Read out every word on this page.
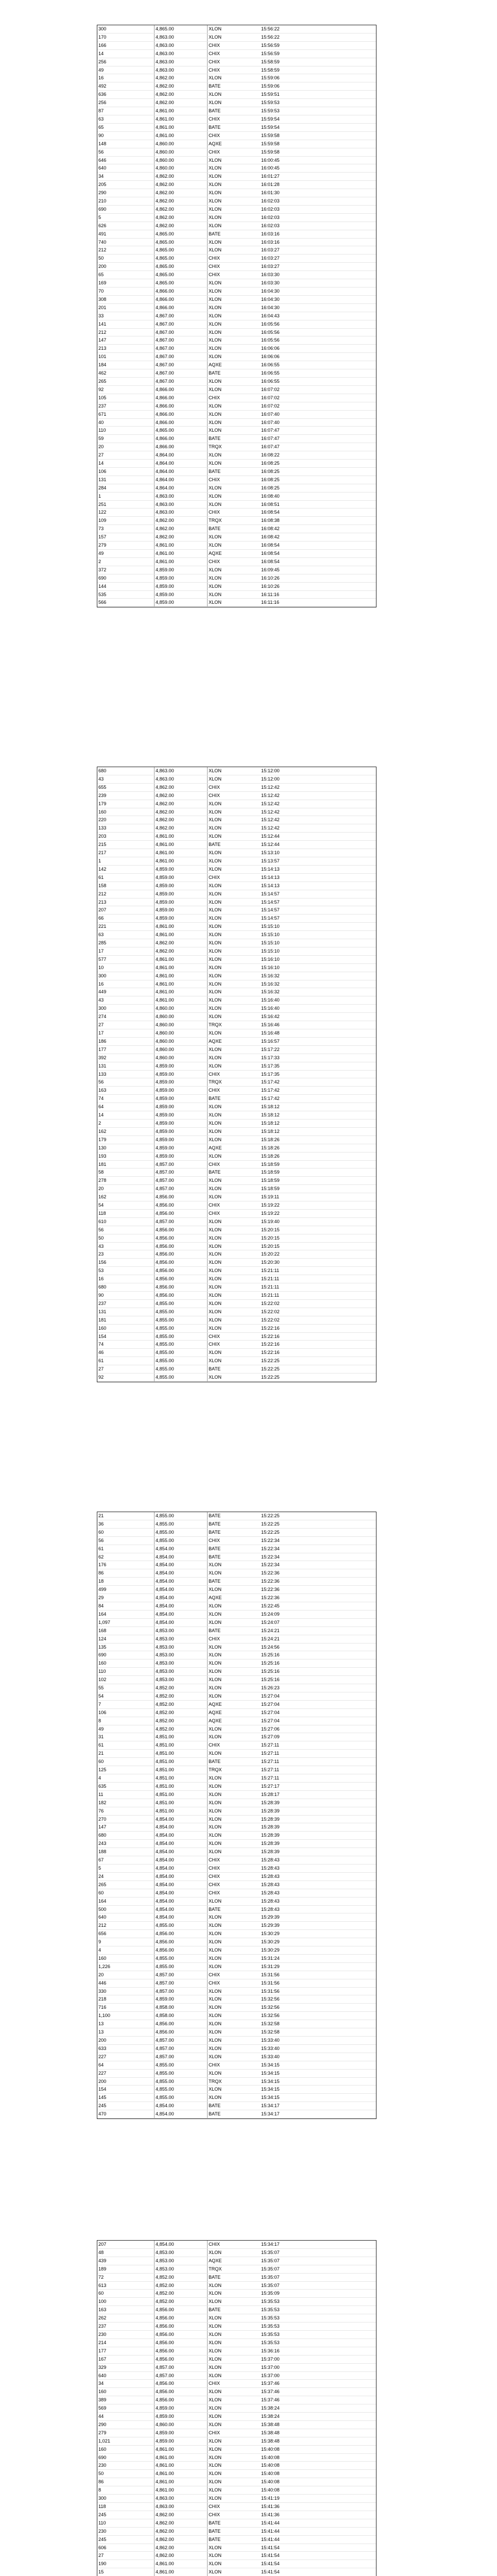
300	4,865.00	XLON	15:56:22
170	4,863.00	XLON	15:56:22
166	4,863.00	CHIX	15:56:59
14	4,863.00	CHIX	15:56:59
256	4,863.00	CHIX	15:58:59
49	4,863.00	CHIX	15:58:59
16	4,862.00	XLON	15:59:06
492	4,862.00	BATE	15:59:06
636	4,862.00	XLON	15:59:51
256	4,862.00	XLON	15:59:53
87	4,861.00	BATE	15:59:53
63	4,861.00	CHIX	15:59:54
65	4,861.00	BATE	15:59:54
90	4,861.00	CHIX	15:59:58
148	4,860.00	AQXE	15:59:58
56	4,860.00	CHIX	15:59:58
646	4,860.00	XLON	16:00:45
640	4,860.00	XLON	16:00:45
34	4,862.00	XLON	16:01:27
205	4,862.00	XLON	16:01:28
290	4,862.00	XLON	16:01:30
210	4,862.00	XLON	16:02:03
690	4,862.00	XLON	16:02:03
5	4,862.00	XLON	16:02:03
626	4,862.00	XLON	16:02:03
491	4,865.00	BATE	16:03:16
740	4,865.00	XLON	16:03:16
212	4,865.00	XLON	16:03:27
50	4,865.00	CHIX	16:03:27
200	4,865.00	CHIX	16:03:27
65	4,865.00	CHIX	16:03:30
169	4,865.00	XLON	16:03:30
70	4,866.00	XLON	16:04:30
308	4,866.00	XLON	16:04:30
201	4,866.00	XLON	16:04:30
33	4,867.00	XLON	16:04:43
141	4,867.00	XLON	16:05:56
212	4,867.00	XLON	16:05:56
147	4,867.00	XLON	16:05:56
213	4,867.00	XLON	16:06:06
101	4,867.00	XLON	16:06:06
184	4,867.00	AQXE	16:06:55
462	4,867.00	BATE	16:06:55
265	4,867.00	XLON	16:06:55
92	4,866.00	XLON	16:07:02
105	4,866.00	CHIX	16:07:02
237	4,866.00	XLON	16:07:02
671	4,866.00	XLON	16:07:40
40	4,866.00	XLON	16:07:40
110	4,865.00	XLON	16:07:47
59	4,866.00	BATE	16:07:47
20	4,866.00	TRQX	16:07:47
27	4,864.00	XLON	16:08:22
14	4,864.00	XLON	16:08:25
106	4,864.00	BATE	16:08:25
131	4,864.00	CHIX	16:08:25
284	4,864.00	XLON	16:08:25
1	4,863.00	XLON	16:08:40
251	4,863.00	XLON	16:08:51
122	4,863.00	CHIX	16:08:54
109	4,862.00	TRQX	16:08:38
73	4,862.00	BATE	16:08:42
157	4,862.00	XLON	16:08:42
279	4,861.00	XLON	16:08:54
49	4,861.00	AQXE	16:08:54
2	4,861.00	CHIX	16:08:54
372	4,859.00	XLON	16:09:45
690	4,859.00	XLON	16:10:26
144	4,859.00	XLON	16:10:26
535	4,859.00	XLON	16:11:16
566	4,859.00	XLON	16:11:16
680	4,863.00	XLON	15:12:00
43	4,863.00	XLON	15:12:00
655	4,862.00	CHIX	15:12:42
239	4,862.00	CHIX	15:12:42
179	4,862.00	XLON	15:12:42
160	4,862.00	XLON	15:12:42
220	4,862.00	XLON	15:12:42
133	4,862.00	XLON	15:12:42
203	4,861.00	XLON	15:12:44
215	4,861.00	BATE	15:12:44
217	4,861.00	XLON	15:13:10
1	4,861.00	XLON	15:13:57
142	4,859.00	XLON	15:14:13
61	4,859.00	CHIX	15:14:13
158	4,859.00	XLON	15:14:13
212	4,859.00	XLON	15:14:57
213	4,859.00	XLON	15:14:57
207	4,859.00	XLON	15:14:57
66	4,859.00	XLON	15:14:57
221	4,861.00	XLON	15:15:10
63	4,861.00	XLON	15:15:10
285	4,862.00	XLON	15:15:10
17	4,862.00	XLON	15:15:10
577	4,861.00	XLON	15:16:10
10	4,861.00	XLON	15:16:10
300	4,861.00	XLON	15:16:32
16	4,861.00	XLON	15:16:32
449	4,861.00	XLON	15:16:32
43	4,861.00	XLON	15:16:40
300	4,860.00	XLON	15:16:40
274	4,860.00	XLON	15:16:42
27	4,860.00	TRQX	15:16:46
17	4,860.00	XLON	15:16:48
186	4,860.00	AQXE	15:16:57
177	4,860.00	XLON	15:17:22
392	4,860.00	XLON	15:17:33
131	4,859.00	XLON	15:17:35
133	4,859.00	CHIX	15:17:35
56	4,859.00	TRQX	15:17:42
163	4,859.00	CHIX	15:17:42
74	4,859.00	BATE	15:17:42
64	4,859.00	XLON	15:18:12
14	4,859.00	XLON	15:18:12
2	4,859.00	XLON	15:18:12
162	4,859.00	XLON	15:18:12
179	4,859.00	XLON	15:18:26
130	4,859.00	AQXE	15:18:26
193	4,859.00	XLON	15:18:26
181	4,857.00	CHIX	15:18:59
58	4,857.00	BATE	15:18:59
278	4,857.00	XLON	15:18:59
20	4,857.00	XLON	15:18:59
162	4,856.00	XLON	15:19:11
54	4,856.00	CHIX	15:19:22
118	4,856.00	CHIX	15:19:22
610	4,857.00	XLON	15:19:40
56	4,856.00	XLON	15:20:15
50	4,856.00	XLON	15:20:15
43	4,856.00	XLON	15:20:15
23	4,856.00	XLON	15:20:22
156	4,856.00	XLON	15:20:30
53	4,856.00	XLON	15:21:11
16	4,856.00	XLON	15:21:11
680	4,856.00	XLON	15:21:11
90	4,856.00	XLON	15:21:11
237	4,855.00	XLON	15:22:02
131	4,855.00	XLON	15:22:02
181	4,855.00	XLON	15:22:02
160	4,855.00	XLON	15:22:16
154	4,855.00	CHIX	15:22:16
74	4,855.00	CHIX	15:22:16
46	4,855.00	XLON	15:22:16
61	4,855.00	XLON	15:22:25
27	4,855.00	BATE	15:22:25
92	4,855.00	XLON	15:22:25
21	4,855.00	BATE	15:22:25
36	4,855.00	BATE	15:22:25
60	4,855.00	BATE	15:22:25
56	4,855.00	CHIX	15:22:34
61	4,854.00	BATE	15:22:34
62	4,854.00	BATE	15:22:34
176	4,854.00	XLON	15:22:34
86	4,854.00	XLON	15:22:36
18	4,854.00	BATE	15:22:36
499	4,854.00	XLON	15:22:36
29	4,854.00	AQXE	15:22:36
84	4,854.00	XLON	15:22:45
164	4,854.00	XLON	15:24:09
1,097	4,854.00	XLON	15:24:07
168	4,853.00	BATE	15:24:21
124	4,853.00	CHIX	15:24:21
135	4,853.00	XLON	15:24:56
690	4,853.00	XLON	15:25:16
160	4,853.00	XLON	15:25:16
110	4,853.00	XLON	15:25:16
102	4,853.00	XLON	15:25:16
55	4,852.00	XLON	15:26:23
54	4,852.00	XLON	15:27:04
7	4,852.00	AQXE	15:27:04
106	4,852.00	AQXE	15:27:04
8	4,852.00	AQXE	15:27:04
49	4,852.00	XLON	15:27:06
31	4,851.00	XLON	15:27:09
61	4,851.00	CHIX	15:27:11
21	4,851.00	XLON	15:27:11
60	4,851.00	BATE	15:27:11
125	4,851.00	TRQX	15:27:11
4	4,851.00	XLON	15:27:11
635	4,851.00	XLON	15:27:17
11	4,851.00	XLON	15:28:17
182	4,851.00	XLON	15:28:39
76	4,851.00	XLON	15:28:39
270	4,854.00	XLON	15:28:39
147	4,854.00	XLON	15:28:39
680	4,854.00	XLON	15:28:39
243	4,854.00	XLON	15:28:39
188	4,854.00	XLON	15:28:39
67	4,854.00	CHIX	15:28:43
5	4,854.00	CHIX	15:28:43
24	4,854.00	CHIX	15:28:43
265	4,854.00	CHIX	15:28:43
60	4,854.00	CHIX	15:28:43
164	4,854.00	XLON	15:28:43
500	4,854.00	BATE	15:28:43
640	4,854.00	XLON	15:29:39
212	4,855.00	XLON	15:29:39
656	4,856.00	XLON	15:30:29
9	4,856.00	XLON	15:30:29
4	4,856.00	XLON	15:30:29
160	4,855.00	XLON	15:31:24
1,226	4,855.00	XLON	15:31:29
20	4,857.00	CHIX	15:31:56
446	4,857.00	CHIX	15:31:56
330	4,857.00	XLON	15:31:56
218	4,859.00	XLON	15:32:56
716	4,858.00	XLON	15:32:56
1,100	4,858.00	XLON	15:32:56
13	4,856.00	XLON	15:32:58
13	4,856.00	XLON	15:32:58
200	4,857.00	XLON	15:33:40
633	4,857.00	XLON	15:33:40
227	4,857.00	XLON	15:33:40
64	4,855.00	CHIX	15:34:15
227	4,855.00	XLON	15:34:15
200	4,855.00	TRQX	15:34:15
154	4,855.00	XLON	15:34:15
145	4,855.00	XLON	15:34:15
245	4,854.00	BATE	15:34:17
470	4,854.00	BATE	15:34:17
207	4,854.00	CHIX	15:34:17
48	4,853.00	XLON	15:35:07
439	4,853.00	AQXE	15:35:07
189	4,853.00	TRQX	15:35:07
72	4,852.00	BATE	15:35:07
613	4,852.00	XLON	15:35:07
60	4,852.00	XLON	15:35:09
100	4,852.00	XLON	15:35:53
163	4,856.00	BATE	15:35:53
262	4,856.00	XLON	15:35:53
237	4,856.00	XLON	15:35:53
230	4,856.00	XLON	15:35:53
214	4,856.00	XLON	15:35:53
177	4,856.00	XLON	15:36:16
167	4,856.00	XLON	15:37:00
329	4,857.00	XLON	15:37:00
640	4,857.00	XLON	15:37:00
34	4,856.00	CHIX	15:37:46
160	4,856.00	XLON	15:37:46
389	4,856.00	XLON	15:37:46
569	4,859.00	XLON	15:38:24
44	4,859.00	XLON	15:38:24
290	4,860.00	XLON	15:38:48
279	4,859.00	CHIX	15:38:48
1,021	4,859.00	XLON	15:38:48
160	4,861.00	XLON	15:40:08
690	4,861.00	XLON	15:40:08
230	4,861.00	XLON	15:40:08
50	4,861.00	XLON	15:40:08
86	4,861.00	XLON	15:40:08
8	4,861.00	XLON	15:40:08
300	4,863.00	XLON	15:41:19
118	4,863.00	CHIX	15:41:36
245	4,862.00	CHIX	15:41:36
110	4,862.00	BATE	15:41:44
230	4,862.00	BATE	15:41:44
245	4,862.00	BATE	15:41:44
606	4,862.00	XLON	15:41:54
27	4,862.00	XLON	15:41:54
190	4,861.00	XLON	15:41:54
15	4,861.00	XLON	15:41:54
